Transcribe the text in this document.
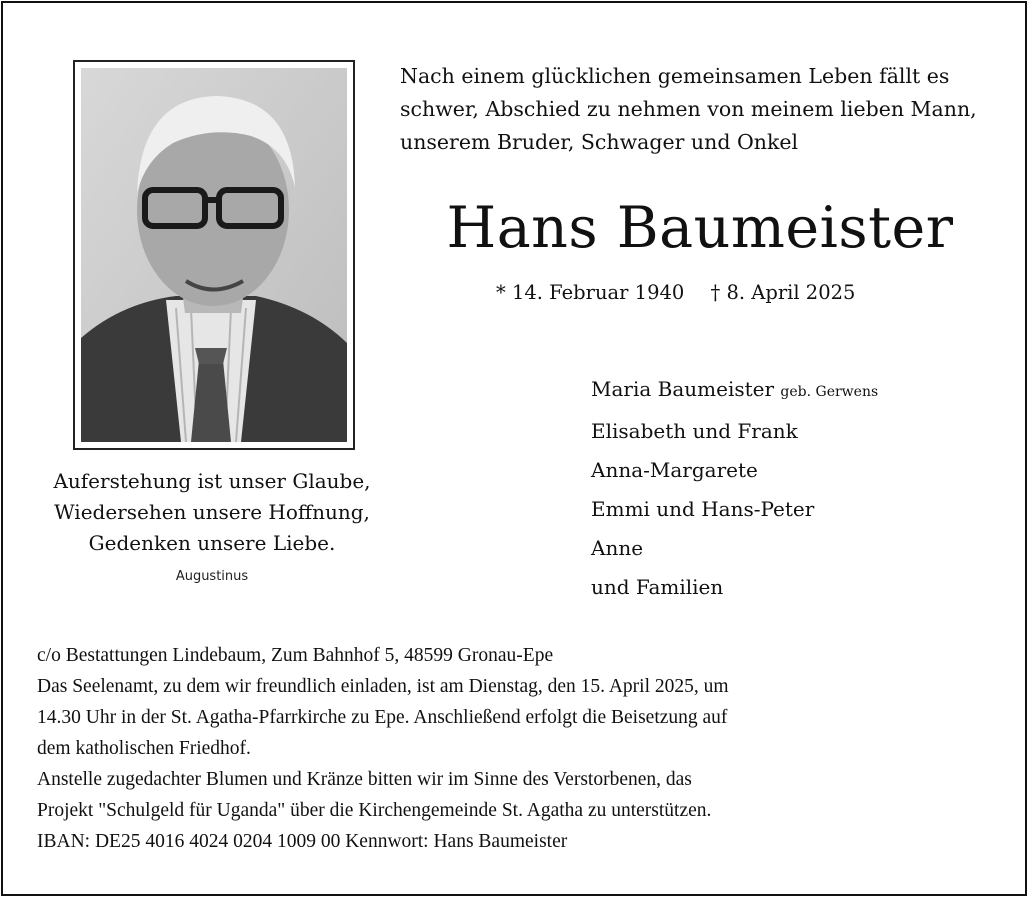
Auferstehung ist unser Glaube,
Wiedersehen unsere Hoffnung,
Gedenken unsere Liebe.
Augustinus
Nach einem glücklichen gemeinsamen Leben fällt es
schwer, Abschied zu nehmen von meinem lieben Mann,
unserem Bruder, Schwager und Onkel
Hans Baumeister
* 14. Februar 1940 † 8. April 2025
Maria Baumeister geb. Gerwens
Elisabeth und Frank
Anna-Margarete
Emmi und Hans-Peter
Anne
und Familien
c/o Bestattungen Lindebaum, Zum Bahnhof 5, 48599 Gronau-Epe
Das Seelenamt, zu dem wir freundlich einladen, ist am Dienstag, den 15. April 2025, um
14.30 Uhr in der St. Agatha-Pfarrkirche zu Epe. Anschließend erfolgt die Beisetzung auf
dem katholischen Friedhof.
Anstelle zugedachter Blumen und Kränze bitten wir im Sinne des Verstorbenen, das
Projekt "Schulgeld für Uganda" über die Kirchengemeinde St. Agatha zu unterstützen.
IBAN: DE25 4016 4024 0204 1009 00 Kennwort: Hans Baumeister
